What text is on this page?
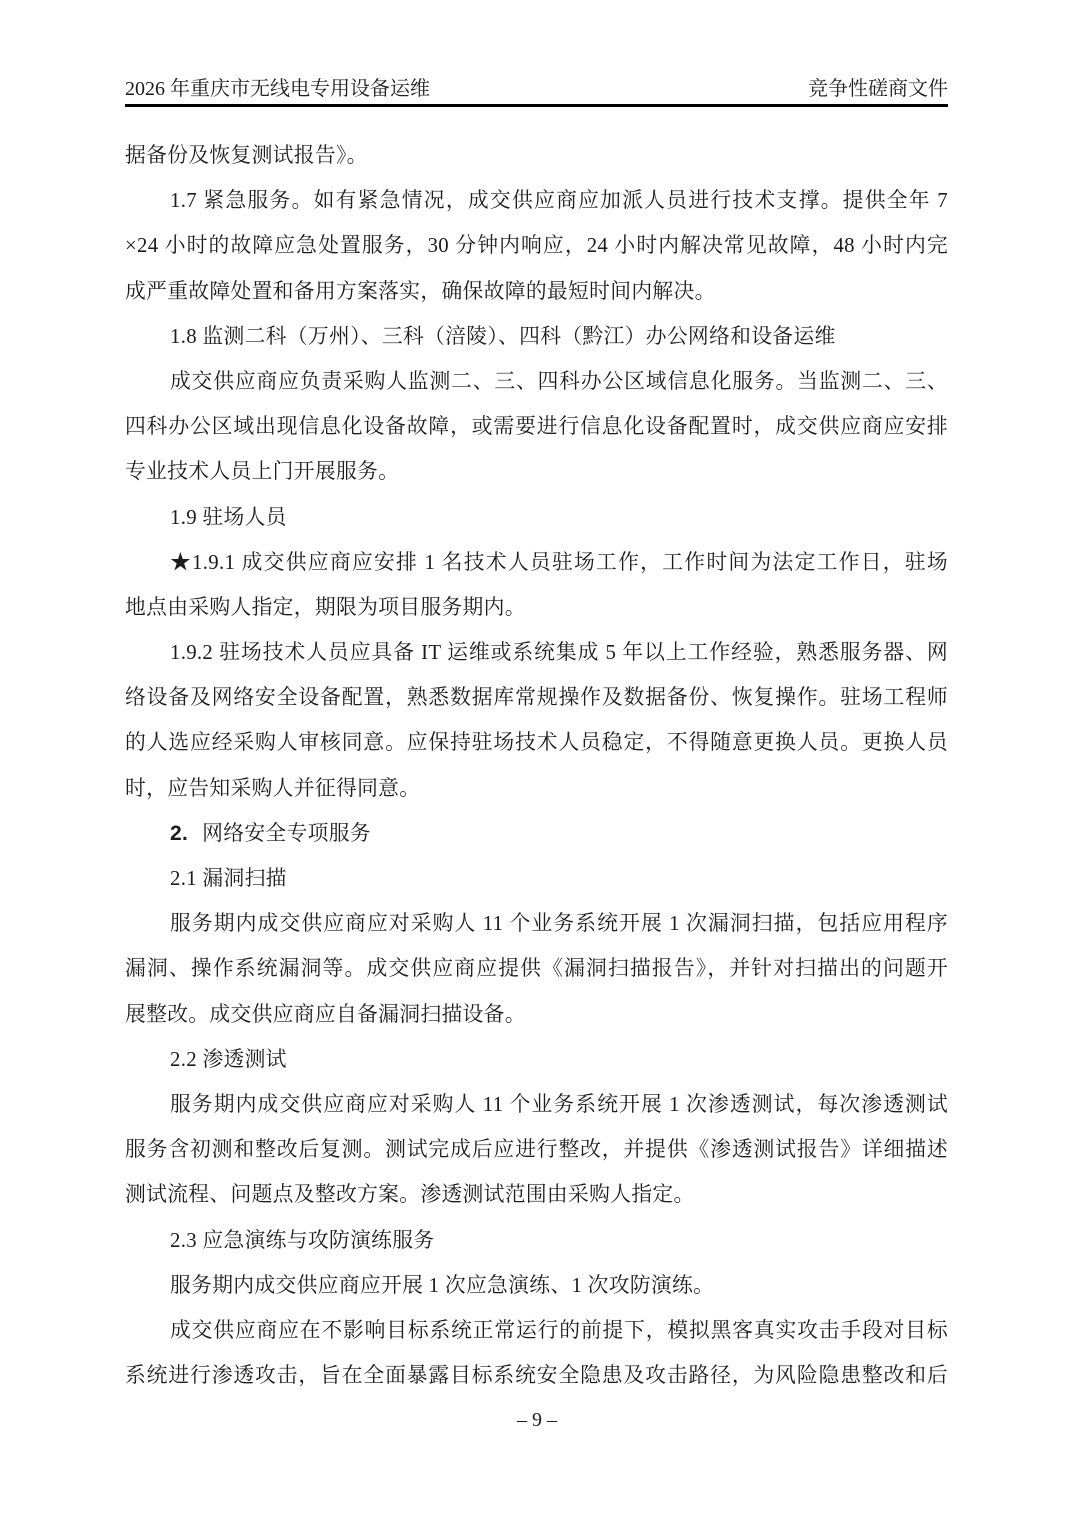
2026 年重庆市无线电专用设备运维	竞争性磋商文件
据备份及恢复测试报告》。
1.7 紧急服务。如有紧急情况，成交供应商应加派人员进行技术支撑。提供全年 7
×24 小时的故障应急处置服务，30 分钟内响应，24 小时内解决常见故障，48 小时内完
成严重故障处置和备用方案落实，确保故障的最短时间内解决。
1.8 监测二科（万州）、三科（涪陵）、四科（黔江）办公网络和设备运维
成交供应商应负责采购人监测二、三、四科办公区域信息化服务。当监测二、三、
四科办公区域出现信息化设备故障，或需要进行信息化设备配置时，成交供应商应安排
专业技术人员上门开展服务。
1.9 驻场人员
★1.9.1 成交供应商应安排 1 名技术人员驻场工作，工作时间为法定工作日，驻场
地点由采购人指定，期限为项目服务期内。
1.9.2 驻场技术人员应具备 IT 运维或系统集成 5 年以上工作经验，熟悉服务器、网
络设备及网络安全设备配置，熟悉数据库常规操作及数据备份、恢复操作。驻场工程师
的人选应经采购人审核同意。应保持驻场技术人员稳定，不得随意更换人员。更换人员
时，应告知采购人并征得同意。
2. 网络安全专项服务
2.1 漏洞扫描
服务期内成交供应商应对采购人 11 个业务系统开展 1 次漏洞扫描，包括应用程序
漏洞、操作系统漏洞等。成交供应商应提供《漏洞扫描报告》，并针对扫描出的问题开
展整改。成交供应商应自备漏洞扫描设备。
2.2 渗透测试
服务期内成交供应商应对采购人 11 个业务系统开展 1 次渗透测试，每次渗透测试
服务含初测和整改后复测。测试完成后应进行整改，并提供《渗透测试报告》详细描述
测试流程、问题点及整改方案。渗透测试范围由采购人指定。
2.3 应急演练与攻防演练服务
服务期内成交供应商应开展 1 次应急演练、1 次攻防演练。
成交供应商应在不影响目标系统正常运行的前提下，模拟黑客真实攻击手段对目标
系统进行渗透攻击，旨在全面暴露目标系统安全隐患及攻击路径，为风险隐患整改和后
– 9 –
